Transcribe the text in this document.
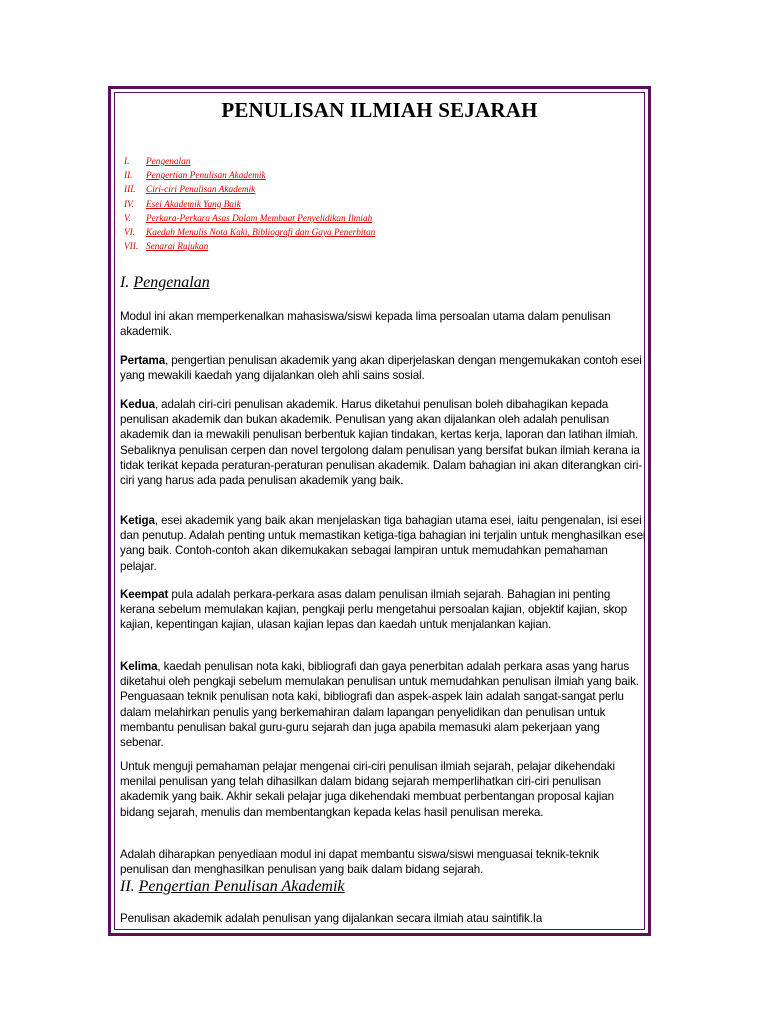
PENULISAN ILMIAH SEJARAH
I.	Pengenalan
II.	Pengertian Penulisan Akademik
III.	Ciri-ciri Penulisan Akademik
IV.	Esei Akademik Yang Baik
V.	Perkara-Perkara Asas Dalam Membuat Penyelidikan Ilmiah
VI.	Kaedah Menulis Nota Kaki, Bibliografi dan Gaya Penerbitan
VII. Senarai Rujukan
I. Pengenalan

Modul ini akan memperkenalkan mahasiswa/siswi kepada lima persoalan utama dalam penulisan akademik.

Pertama, pengertian penulisan akademik yang akan diperjelaskan dengan mengemukakan contoh esei yang mewakili kaedah yang dijalankan oleh ahli sains sosial.

Kedua, adalah ciri-ciri penulisan akademik. Harus diketahui penulisan boleh dibahagikan kepada penulisan akademik dan bukan akademik. Penulisan yang akan dijalankan oleh adalah penulisan akademik dan ia mewakili penulisan berbentuk kajian tindakan, kertas kerja, laporan dan latihan ilmiah. Sebaliknya penulisan cerpen dan novel tergolong dalam penulisan yang bersifat bukan ilmiah kerana ia tidak terikat kepada peraturan-peraturan penulisan akademik. Dalam bahagian ini akan diterangkan ciri-ciri yang harus ada pada penulisan akademik yang baik.

Ketiga, esei akademik yang baik akan menjelaskan tiga bahagian utama esei, iaitu pengenalan, isi esei dan penutup. Adalah penting untuk memastikan ketiga-tiga bahagian ini terjalin untuk menghasilkan esei yang baik. Contoh-contoh akan dikemukakan sebagai lampiran untuk memudahkan pemahaman pelajar.

Keempat pula adalah perkara-perkara asas dalam penulisan ilmiah sejarah. Bahagian ini penting kerana sebelum memulakan kajian, pengkaji perlu mengetahui persoalan kajian, objektif kajian, skop kajian, kepentingan kajian, ulasan kajian lepas dan kaedah untuk menjalankan kajian.

Kelima, kaedah penulisan nota kaki, bibliografi dan gaya penerbitan adalah perkara asas yang harus diketahui oleh pengkaji sebelum memulakan penulisan untuk memudahkan penulisan ilmiah yang baik. Penguasaan teknik penulisan nota kaki, bibliografi dan aspek-aspek lain adalah sangat-sangat perlu dalam melahirkan penulis yang berkemahiran dalam lapangan penyelidikan dan penulisan untuk membantu penulisan bakal guru-guru sejarah dan juga apabila memasuki alam pekerjaan yang sebenar.

Untuk menguji pemahaman pelajar mengenai ciri-ciri penulisan ilmiah sejarah, pelajar dikehendaki menilai penulisan yang telah dihasilkan dalam bidang sejarah memperlihatkan ciri-ciri penulisan akademik yang baik. Akhir sekali pelajar juga dikehendaki membuat perbentangan proposal kajian bidang sejarah, menulis dan membentangkan kepada kelas hasil penulisan mereka.

Adalah diharapkan penyediaan modul ini dapat membantu siswa/siswi menguasai teknik-teknik penulisan dan menghasilkan penulisan yang baik dalam bidang sejarah.

II. Pengertian Penulisan Akademik

Penulisan akademik adalah penulisan yang dijalankan secara ilmiah atau saintifik.Ia
